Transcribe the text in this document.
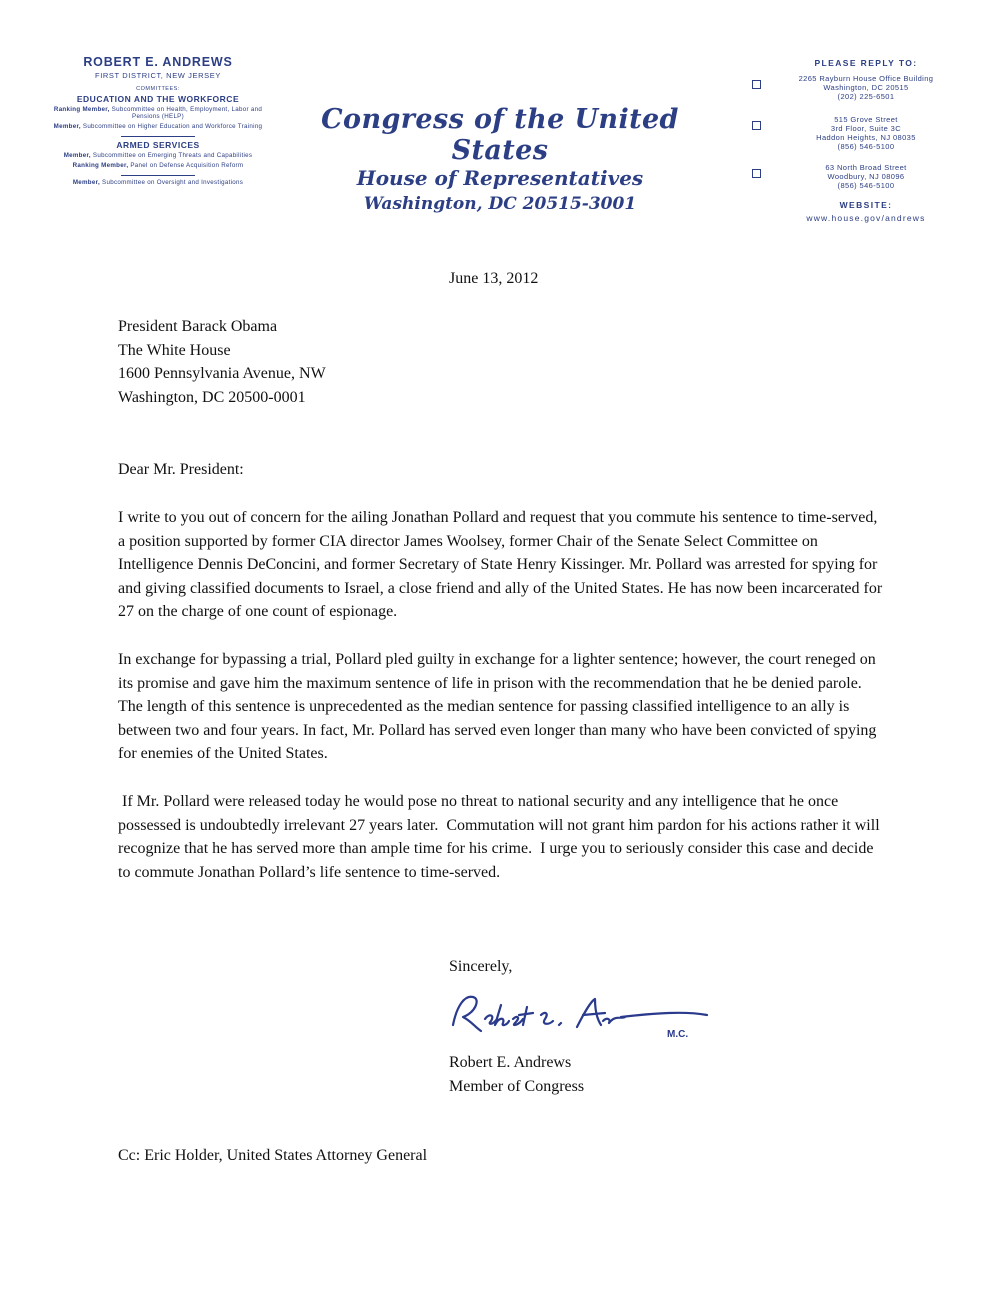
ROBERT E. ANDREWS
FIRST DISTRICT, NEW JERSEY
COMMITTEES:
EDUCATION AND THE WORKFORCE
Ranking Member, Subcommittee on Health, Employment, Labor and Pensions (HELP)
Member, Subcommittee on Higher Education and Workforce Training
ARMED SERVICES
Member, Subcommittee on Emerging Threats and Capabilities
Ranking Member, Panel on Defense Acquisition Reform
Member, Subcommittee on Oversight and Investigations
Congress of the United States
House of Representatives
Washington, DC 20515-3001
PLEASE REPLY TO:
2265 Rayburn House Office Building
Washington, DC 20515
(202) 225-6501
515 Grove Street
3rd Floor, Suite 3C
Haddon Heights, NJ 08035
(856) 546-5100
63 North Broad Street
Woodbury, NJ 08096
(856) 546-5100
WEBSITE:
www.house.gov/andrews
June 13, 2012
President Barack Obama
The White House
1600 Pennsylvania Avenue, NW
Washington, DC 20500-0001
Dear Mr. President:
I write to you out of concern for the ailing Jonathan Pollard and request that you commute his sentence to time-served, a position supported by former CIA director James Woolsey, former Chair of the Senate Select Committee on Intelligence Dennis DeConcini, and former Secretary of State Henry Kissinger. Mr. Pollard was arrested for spying for and giving classified documents to Israel, a close friend and ally of the United States. He has now been incarcerated for 27 on the charge of one count of espionage.
In exchange for bypassing a trial, Pollard pled guilty in exchange for a lighter sentence; however, the court reneged on its promise and gave him the maximum sentence of life in prison with the recommendation that he be denied parole. The length of this sentence is unprecedented as the median sentence for passing classified intelligence to an ally is between two and four years. In fact, Mr. Pollard has served even longer than many who have been convicted of spying for enemies of the United States.
If Mr. Pollard were released today he would pose no threat to national security and any intelligence that he once possessed is undoubtedly irrelevant 27 years later.  Commutation will not grant him pardon for his actions rather it will recognize that he has served more than ample time for his crime.  I urge you to seriously consider this case and decide to commute Jonathan Pollard’s life sentence to time-served.
Sincerely,
M.C.
Robert E. Andrews
Member of Congress
Cc: Eric Holder, United States Attorney General
